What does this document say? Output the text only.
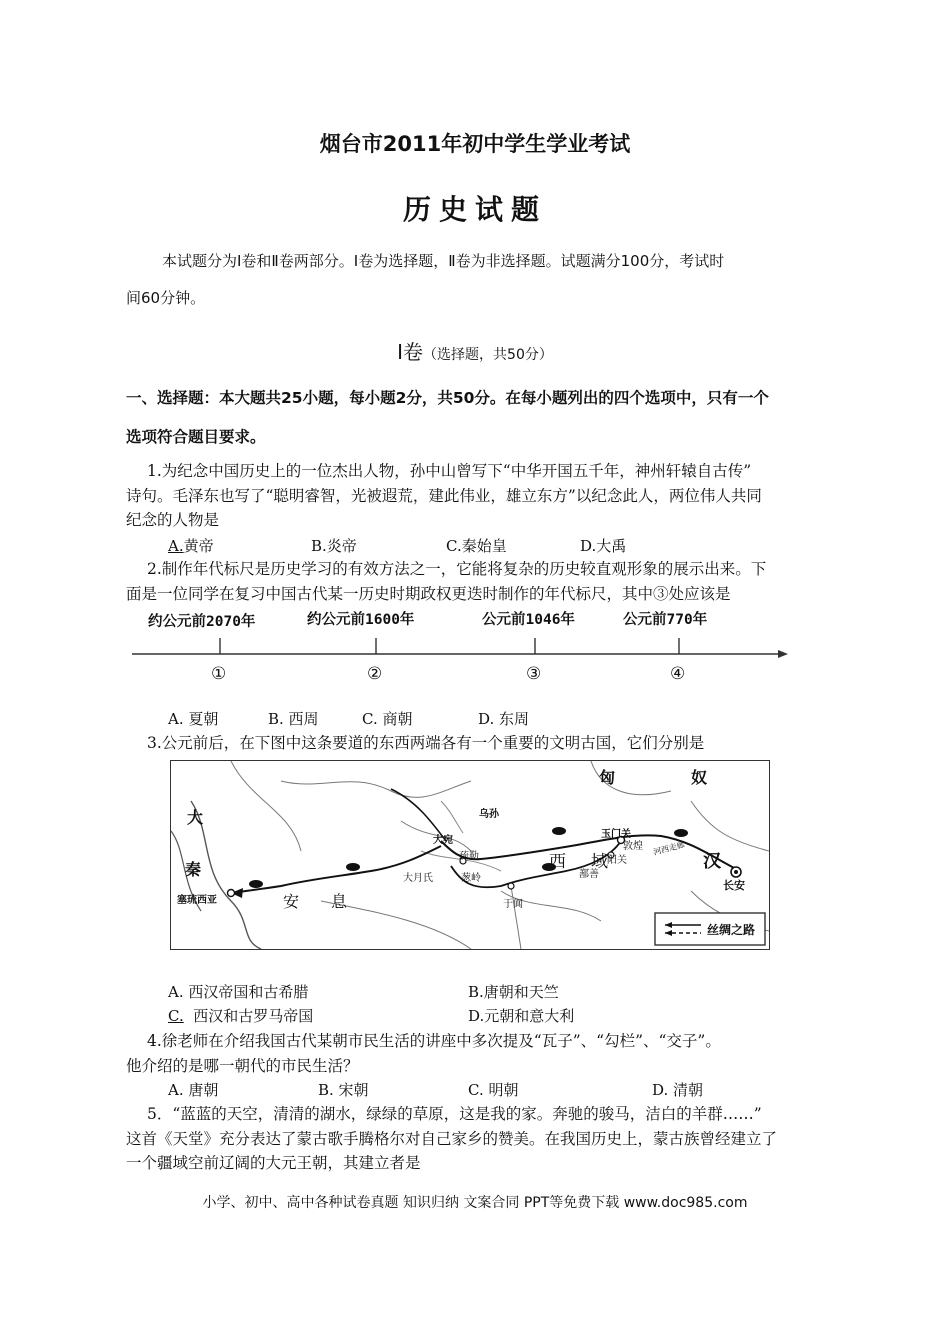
烟台市2011年初中学生学业考试
历史试题
本试题分为Ⅰ卷和Ⅱ卷两部分。Ⅰ卷为选择题，Ⅱ卷为非选择题。试题满分100分，考试时
间60分钟。
Ⅰ卷（选择题，共50分）
一、选择题：本大题共25小题，每小题2分，共50分。在每小题列出的四个选项中，只有一个
选项符合题目要求。
1.为纪念中国历史上的一位杰出人物，孙中山曾写下“中华开国五千年，神州轩辕自古传”
诗句。毛泽东也写了“聪明睿智，光被遐荒，建此伟业，雄立东方”以纪念此人，两位伟人共同
纪念的人物是
A.黄帝	B.炎帝	C.秦始皇	D.大禹
2.制作年代标尺是历史学习的有效方法之一，它能将复杂的历史较直观形象的展示出来。下
面是一位同学在复习中国古代某一历史时期政权更迭时制作的年代标尺，其中③处应该是
约公元前2070年	约公元前1600年	公元前1046年	公元前770年
①	②	③	④
A. 夏朝	B. 西周	C. 商朝	D. 东周
3.公元前后，在下图中这条要道的东西两端各有一个重要的文明古国，它们分别是
匈	奴
大
秦
塞琉西亚	安 息
大月氏
大宛
乌孙
疏勒
葱岭
于阗
西 域
鄯善
阳关
玉门关
敦煌 河西走廊
汉
长安
丝绸之路
A. 西汉帝国和古希腊	B.唐朝和天竺
C. 西汉和古罗马帝国	D.元朝和意大利
4.徐老师在介绍我国古代某朝市民生活的讲座中多次提及“瓦子”、“勾栏”、“交子”。
他介绍的是哪一朝代的市民生活？
A. 唐朝	B. 宋朝	C. 明朝	D. 清朝
5．“蓝蓝的天空，清清的湖水，绿绿的草原，这是我的家。奔驰的骏马，洁白的羊群……”
这首《天堂》充分表达了蒙古歌手腾格尔对自己家乡的赞美。在我国历史上，蒙古族曾经建立了
一个疆域空前辽阔的大元王朝，其建立者是
小学、初中、高中各种试卷真题 知识归纳 文案合同 PPT等免费下载 www.doc985.com
